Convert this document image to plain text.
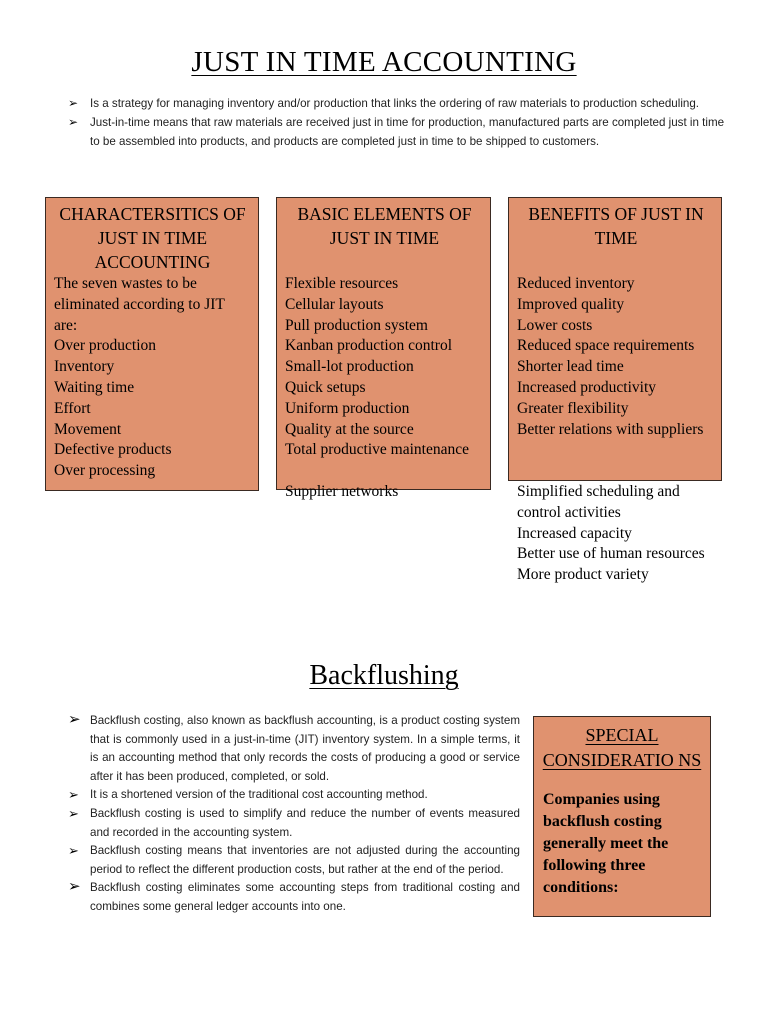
JUST IN TIME ACCOUNTING
➢ Is a strategy for managing inventory and/or production that links the ordering of raw materials to production scheduling.
➢ Just-in-time means that raw materials are received just in time for production, manufactured parts are completed just in time to be assembled into products, and products are completed just in time to be shipped to customers.
CHARACTERSITICS OF JUST IN TIME ACCOUNTING
The seven wastes to be eliminated according to JIT are:
Over production
Inventory
Waiting time
Effort
Movement
Defective products
Over processing
BASIC ELEMENTS OF JUST IN TIME
Flexible resources
Cellular layouts
Pull production system
Kanban production control
Small-lot production
Quick setups
Uniform production
Quality at the source
Total productive maintenance
Supplier networks
BENEFITS OF JUST IN TIME
Reduced inventory
Improved quality
Lower costs
Reduced space requirements
Shorter lead time
Increased productivity
Greater flexibility
Better relations with suppliers
Simplified scheduling and control activities
Increased capacity
Better use of human resources
More product variety
Backflushing
➢ Backflush costing, also known as backflush accounting, is a product costing system that is commonly used in a just-in-time (JIT) inventory system. In a simple terms, it is an accounting method that only records the costs of producing a good or service after it has been produced, completed, or sold.
➢ It is a shortened version of the traditional cost accounting method.
➢ Backflush costing is used to simplify and reduce the number of events measured and recorded in the accounting system.
➢ Backflush costing means that inventories are not adjusted during the accounting period to reflect the different production costs, but rather at the end of the period.
➢ Backflush costing eliminates some accounting steps from traditional costing and combines some general ledger accounts into one.
SPECIAL CONSIDERATIO NS
Companies using backflush costing generally meet the following three conditions:
